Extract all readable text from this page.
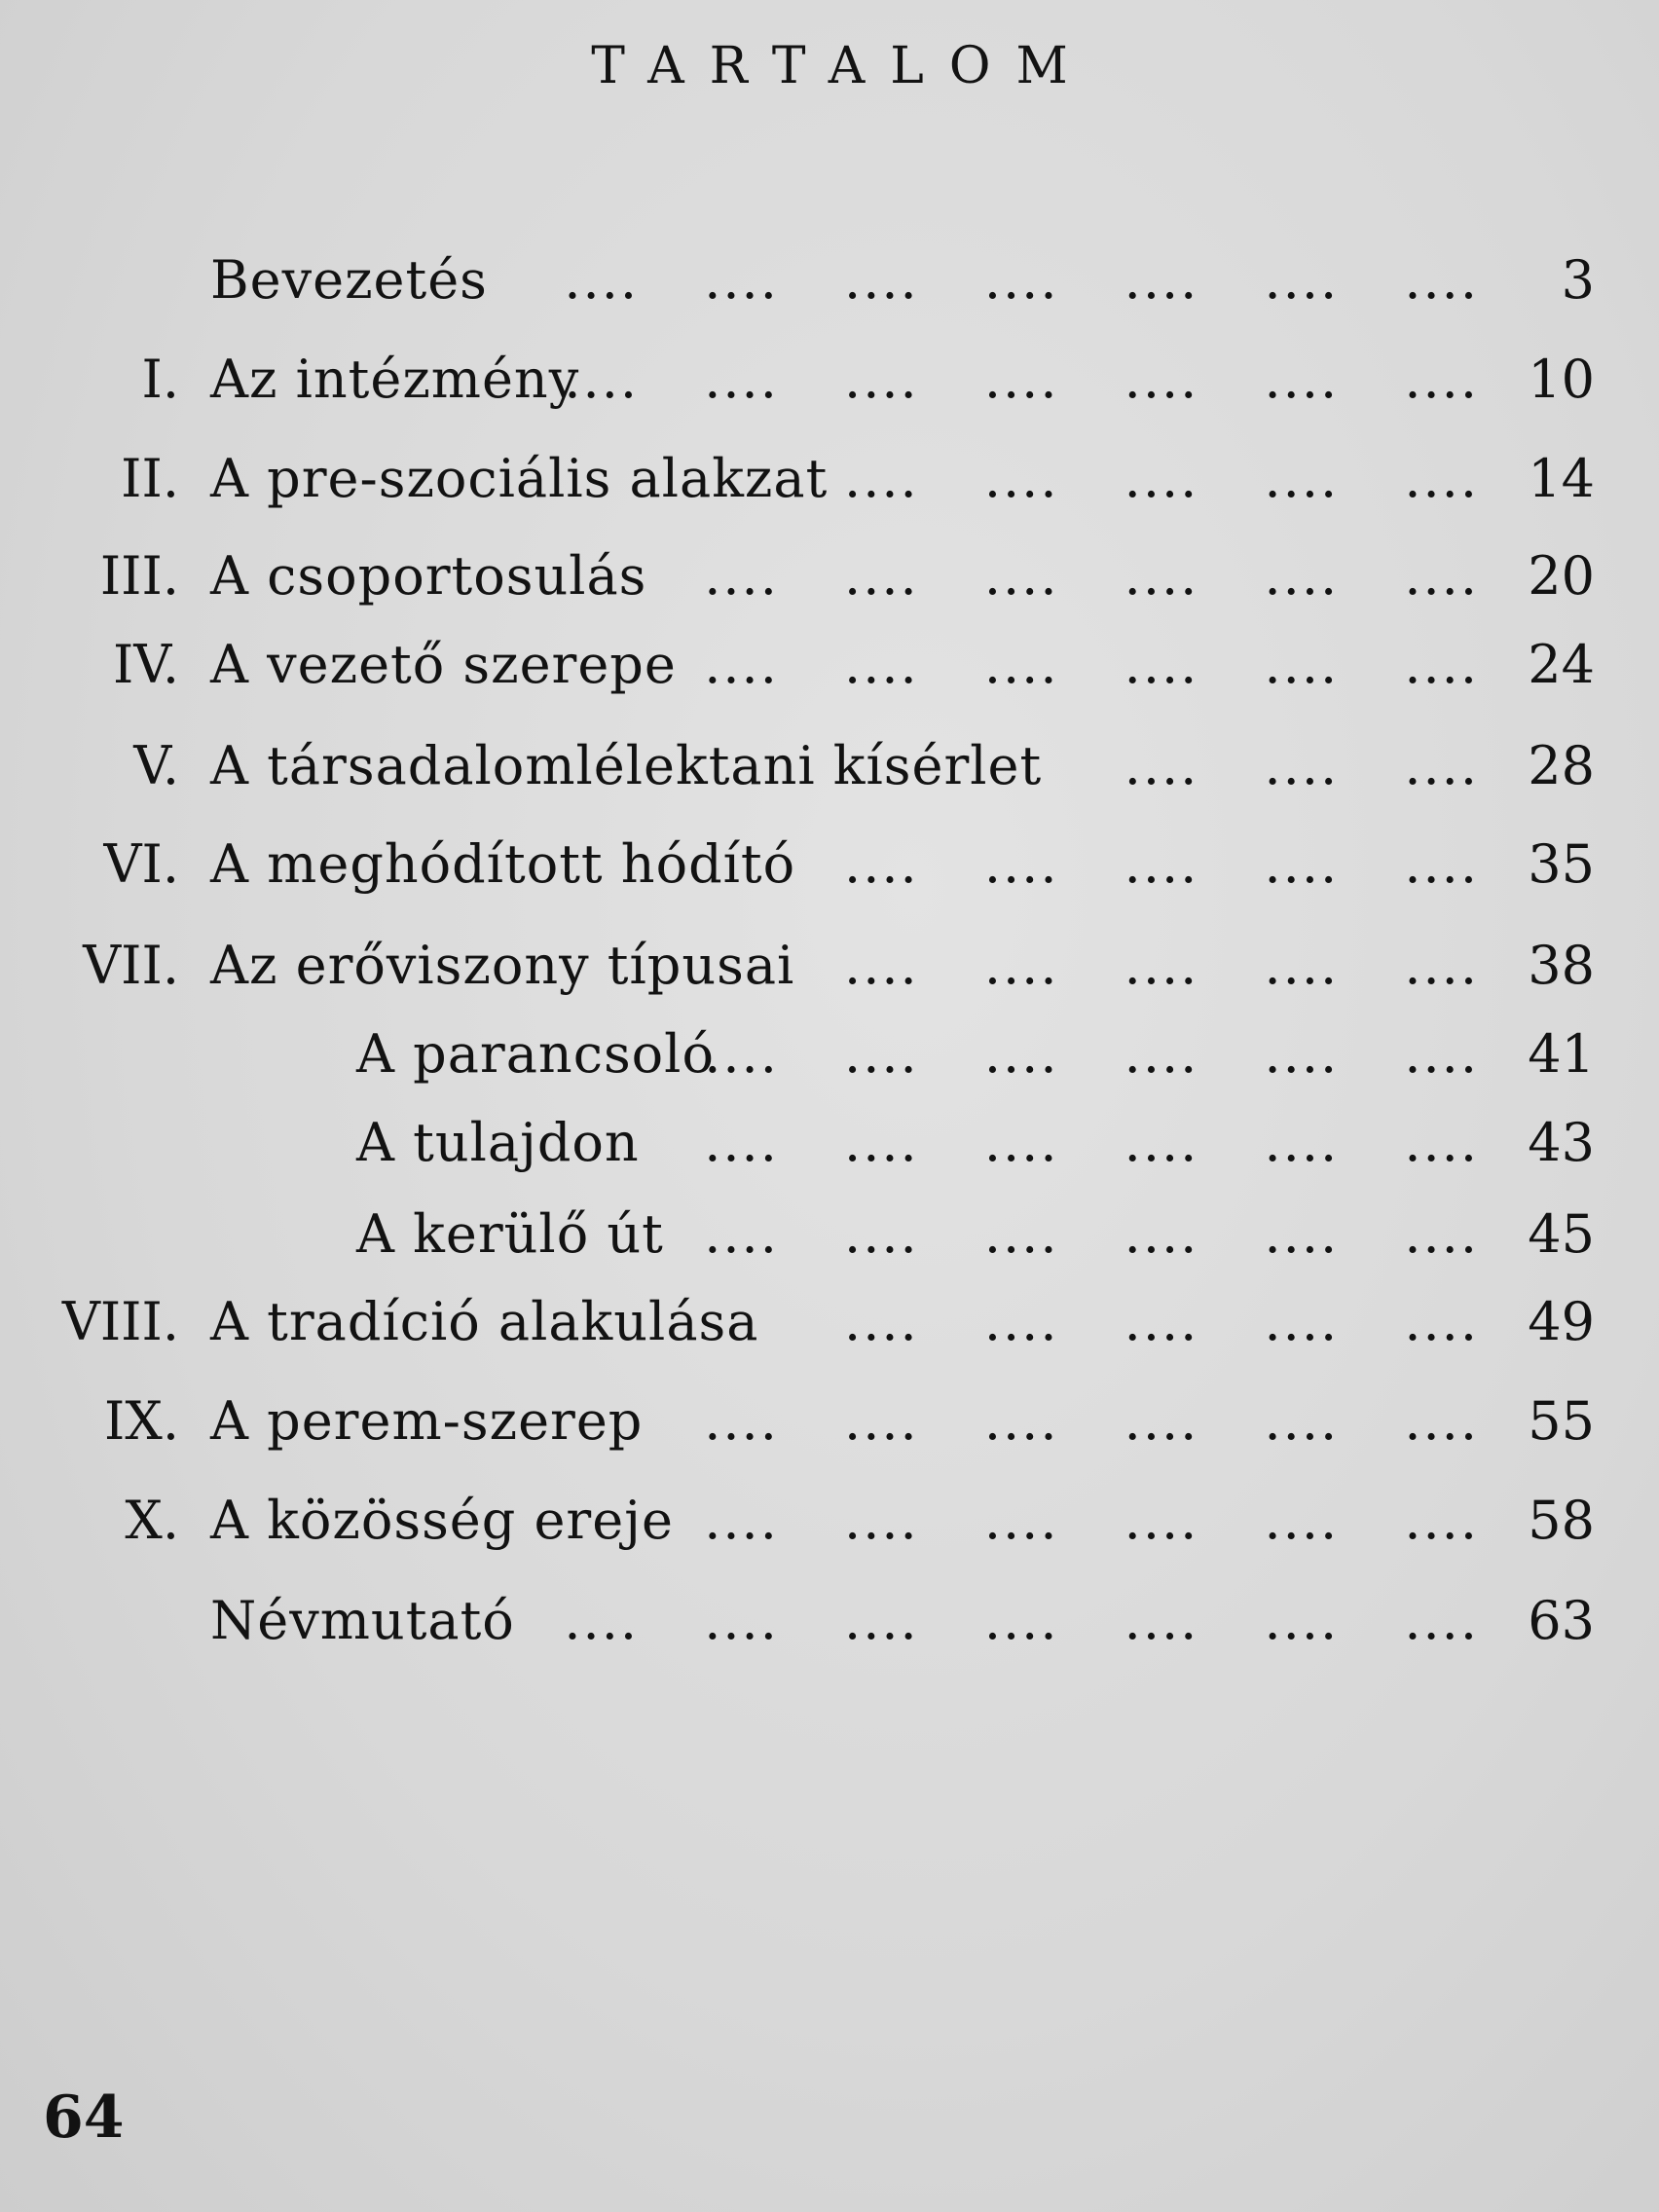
TARTALOM
Bevezetés .... .... .... .... .... .... .... 3
I. Az intézmény
.... .... .... .... .... .... .... 10
II. A pre-szociális alakzat .... .... .... .... .... 14
III. A csoportosulás .... .... .... .... .... .... 20
IV. A vezető szerepe .... .... .... .... .... .... 24
V. A társadalomlélektani kísérlet .... .... .... 28
VI. A meghódított hódító .... .... .... .... .... 35
VII. Az erőviszony típusai .... .... .... .... .... 38
A parancsoló
.... .... .... .... .... .... 41
A tulajdon .... .... .... .... .... .... 43
A kerülő út .... .... .... .... .... .... 45
VIII. A tradíció alakulása .... .... .... .... .... 49
IX. A perem-szerep .... .... .... .... .... .... 55
X. A közösség ereje .... .... .... .... .... .... 58
Névmutató .... .... .... .... .... .... .... 63
64
